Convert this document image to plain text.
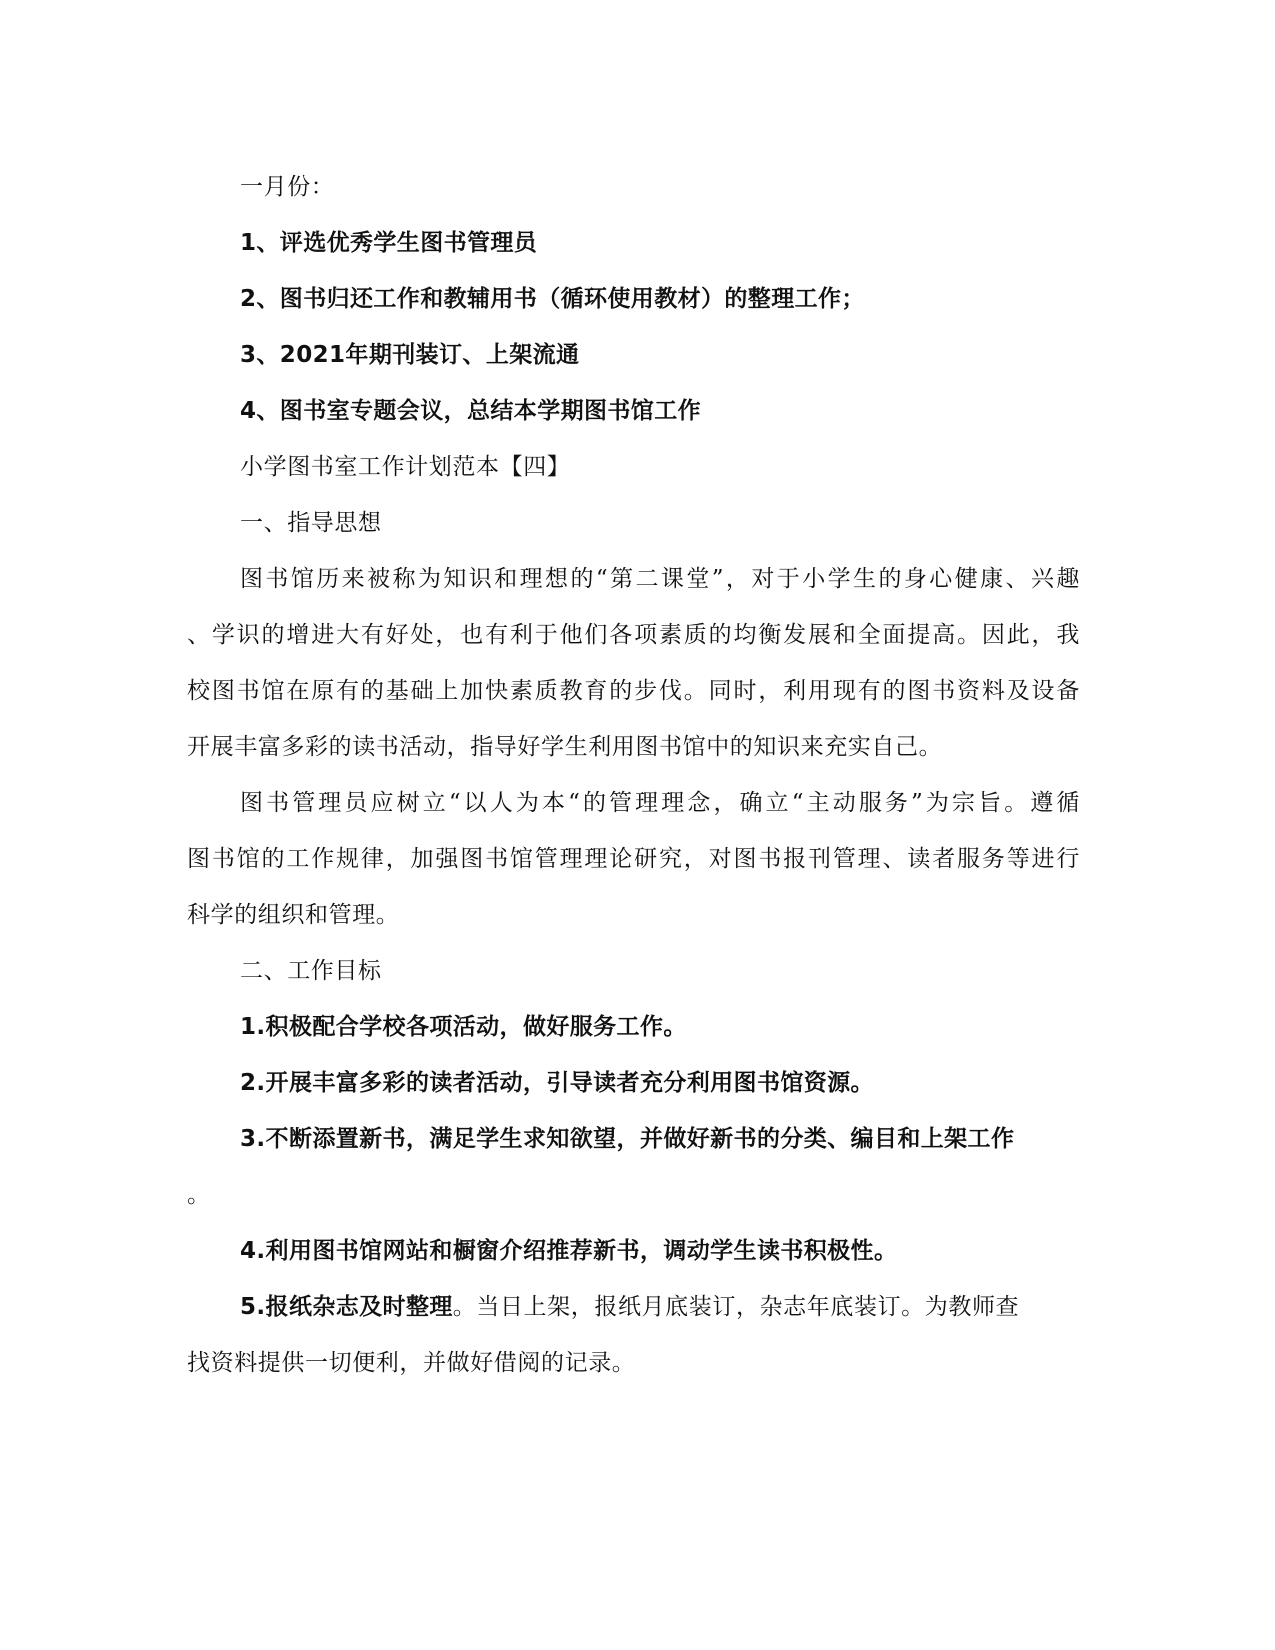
一月份：
1、评选优秀学生图书管理员
2、图书归还工作和教辅用书（循环使用教材）的整理工作；
3、2021年期刊装订、上架流通
4、图书室专题会议，总结本学期图书馆工作
小学图书室工作计划范本【四】
一、指导思想
图书馆历来被称为知识和理想的“第二课堂”，对于小学生的身心健康、兴趣
、学识的增进大有好处，也有利于他们各项素质的均衡发展和全面提高。因此，我
校图书馆在原有的基础上加快素质教育的步伐。同时，利用现有的图书资料及设备
开展丰富多彩的读书活动，指导好学生利用图书馆中的知识来充实自己。
图书管理员应树立“以人为本“的管理理念，确立“主动服务”为宗旨。遵循
图书馆的工作规律，加强图书馆管理理论研究，对图书报刊管理、读者服务等进行
科学的组织和管理。
二、工作目标
1.积极配合学校各项活动，做好服务工作。
2.开展丰富多彩的读者活动，引导读者充分利用图书馆资源。
3.不断添置新书，满足学生求知欲望，并做好新书的分类、编目和上架工作
。
4.利用图书馆网站和橱窗介绍推荐新书，调动学生读书积极性。
5.报纸杂志及时整理。当日上架，报纸月底装订，杂志年底装订。为教师查
找资料提供一切便利，并做好借阅的记录。
